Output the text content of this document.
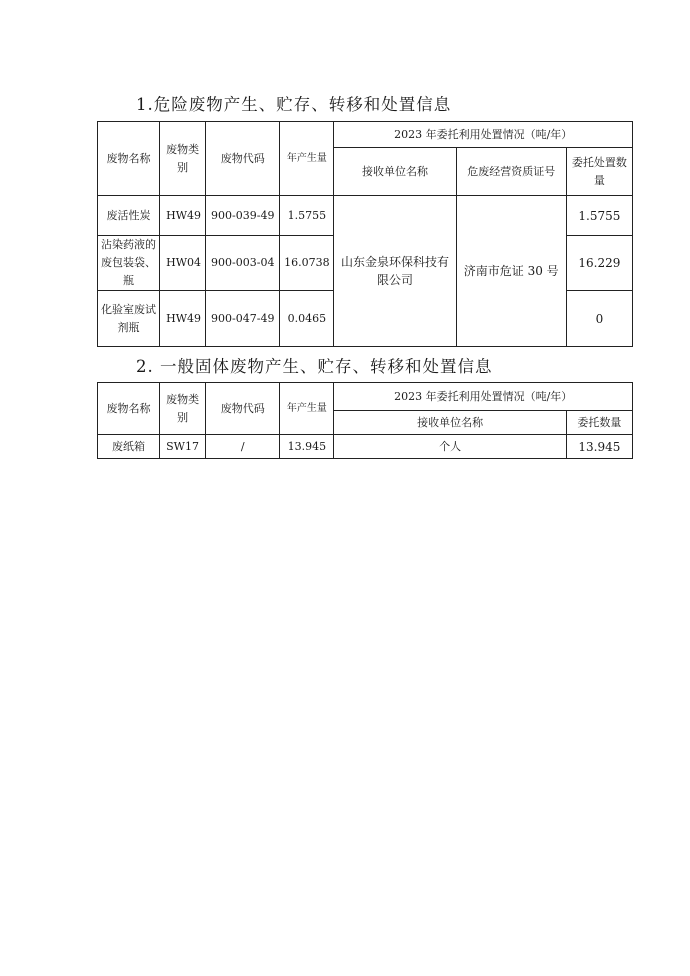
1.危险废物产生、贮存、转移和处置信息
废物名称	废物类别	废物代码	年产生量	2023 年委托利用处置情况（吨/年）		
				接收单位名称	危废经营资质证号	委托处置数量
废活性炭	HW49	900-039-49	1.5755	山东金泉环保科技有限公司	济南市危证 30 号	1.5755
沾染药液的废包装袋、瓶	HW04	900-003-04	16.0738			16.229
化验室废试剂瓶	HW49	900-047-49	0.0465			0
2. 一般固体废物产生、贮存、转移和处置信息
废物名称	废物类别	废物代码	年产生量	2023 年委托利用处置情况（吨/年）	
				接收单位名称	委托数量
废纸箱	SW17	/	13.945	个人	13.945
